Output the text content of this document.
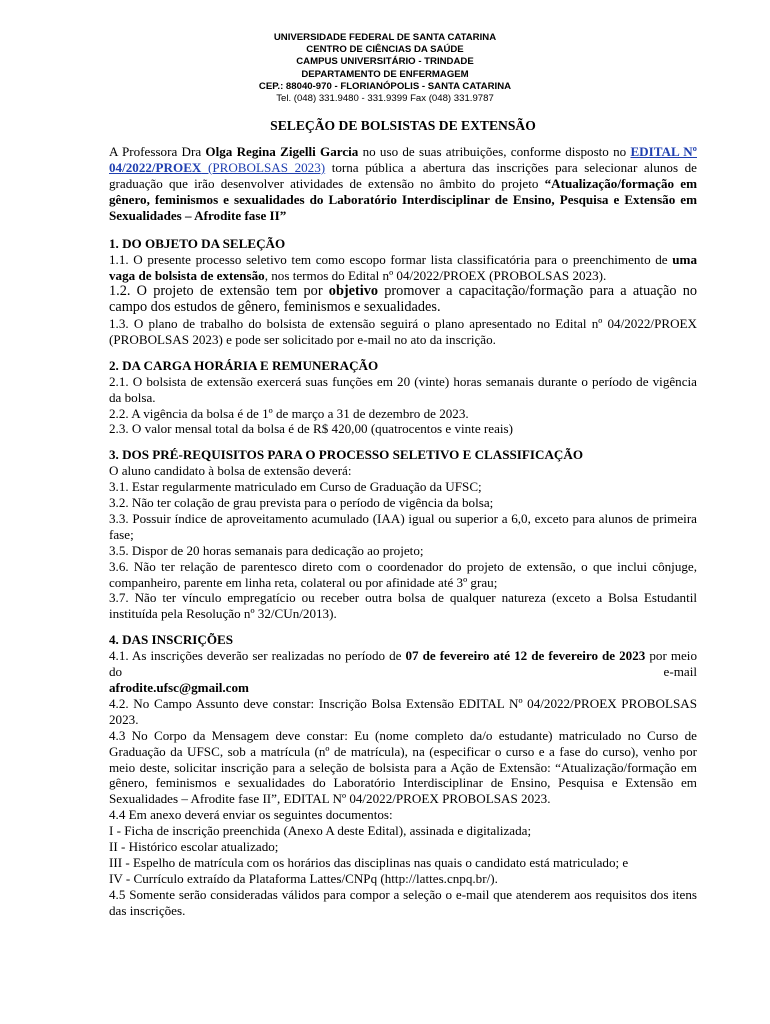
UNIVERSIDADE FEDERAL DE SANTA CATARINA
CENTRO DE CIÊNCIAS DA SAÚDE
CAMPUS UNIVERSITÁRIO - TRINDADE
DEPARTAMENTO DE ENFERMAGEM
CEP.: 88040-970 - FLORIANÓPOLIS - SANTA CATARINA
Tel. (048) 331.9480 - 331.9399 Fax (048) 331.9787

SELEÇÃO DE BOLSISTAS DE EXTENSÃO

A Professora Dra Olga Regina Zigelli Garcia no uso de suas atribuições, conforme disposto no EDITAL Nº 04/2022/PROEX (PROBOLSAS 2023) torna pública a abertura das inscrições para selecionar alunos de graduação que irão desenvolver atividades de extensão no âmbito do projeto “Atualização/formação em gênero, feminismos e sexualidades do Laboratório Interdisciplinar de Ensino, Pesquisa e Extensão em Sexualidades – Afrodite fase II”

1. DO OBJETO DA SELEÇÃO

1.1. O presente processo seletivo tem como escopo formar lista classificatória para o preenchimento de uma vaga de bolsista de extensão, nos termos do Edital nº 04/2022/PROEX (PROBOLSAS 2023).

1.2. O projeto de extensão tem por objetivo promover a capacitação/formação para a atuação no campo dos estudos de gênero, feminismos e sexualidades.

1.3. O plano de trabalho do bolsista de extensão seguirá o plano apresentado no Edital nº 04/2022/PROEX (PROBOLSAS 2023) e pode ser solicitado por e-mail no ato da inscrição.

2. DA CARGA HORÁRIA E REMUNERAÇÃO

2.1. O bolsista de extensão exercerá suas funções em 20 (vinte) horas semanais durante o período de vigência da bolsa.

2.2. A vigência da bolsa é de 1º de março a 31 de dezembro de 2023.

2.3. O valor mensal total da bolsa é de R$ 420,00 (quatrocentos e vinte reais)

3. DOS PRÉ-REQUISITOS PARA O PROCESSO SELETIVO E CLASSIFICAÇÃO

O aluno candidato à bolsa de extensão deverá:

3.1. Estar regularmente matriculado em Curso de Graduação da UFSC;

3.2. Não ter colação de grau prevista para o período de vigência da bolsa;

3.3. Possuir índice de aproveitamento acumulado (IAA) igual ou superior a 6,0, exceto para alunos de primeira fase;

3.5. Dispor de 20 horas semanais para dedicação ao projeto;

3.6. Não ter relação de parentesco direto com o coordenador do projeto de extensão, o que inclui cônjuge, companheiro, parente em linha reta, colateral ou por afinidade até 3º grau;

3.7. Não ter vínculo empregatício ou receber outra bolsa de qualquer natureza (exceto a Bolsa Estudantil instituída pela Resolução nº 32/CUn/2013).

4. DAS INSCRIÇÕES

4.1. As inscrições deverão ser realizadas no período de 07 de fevereiro até 12 de fevereiro de 2023 por meio do e-mail

afrodite.ufsc@gmail.com

4.2. No Campo Assunto deve constar: Inscrição Bolsa Extensão EDITAL Nº 04/2022/PROEX PROBOLSAS 2023.

4.3 No Corpo da Mensagem deve constar: Eu (nome completo da/o estudante) matriculado no Curso de Graduação da UFSC, sob a matrícula (nº de matrícula), na (especificar o curso e a fase do curso), venho por meio deste, solicitar inscrição para a seleção de bolsista para a Ação de Extensão: “Atualização/formação em gênero, feminismos e sexualidades do Laboratório Interdisciplinar de Ensino, Pesquisa e Extensão em Sexualidades – Afrodite fase II”, EDITAL Nº 04/2022/PROEX PROBOLSAS 2023.

4.4 Em anexo deverá enviar os seguintes documentos:

I - Ficha de inscrição preenchida (Anexo A deste Edital), assinada e digitalizada;

II - Histórico escolar atualizado;

III - Espelho de matrícula com os horários das disciplinas nas quais o candidato está matriculado; e

IV - Currículo extraído da Plataforma Lattes/CNPq (http://lattes.cnpq.br/).

4.5 Somente serão consideradas válidos para compor a seleção o e-mail que atenderem aos requisitos dos itens das inscrições.
